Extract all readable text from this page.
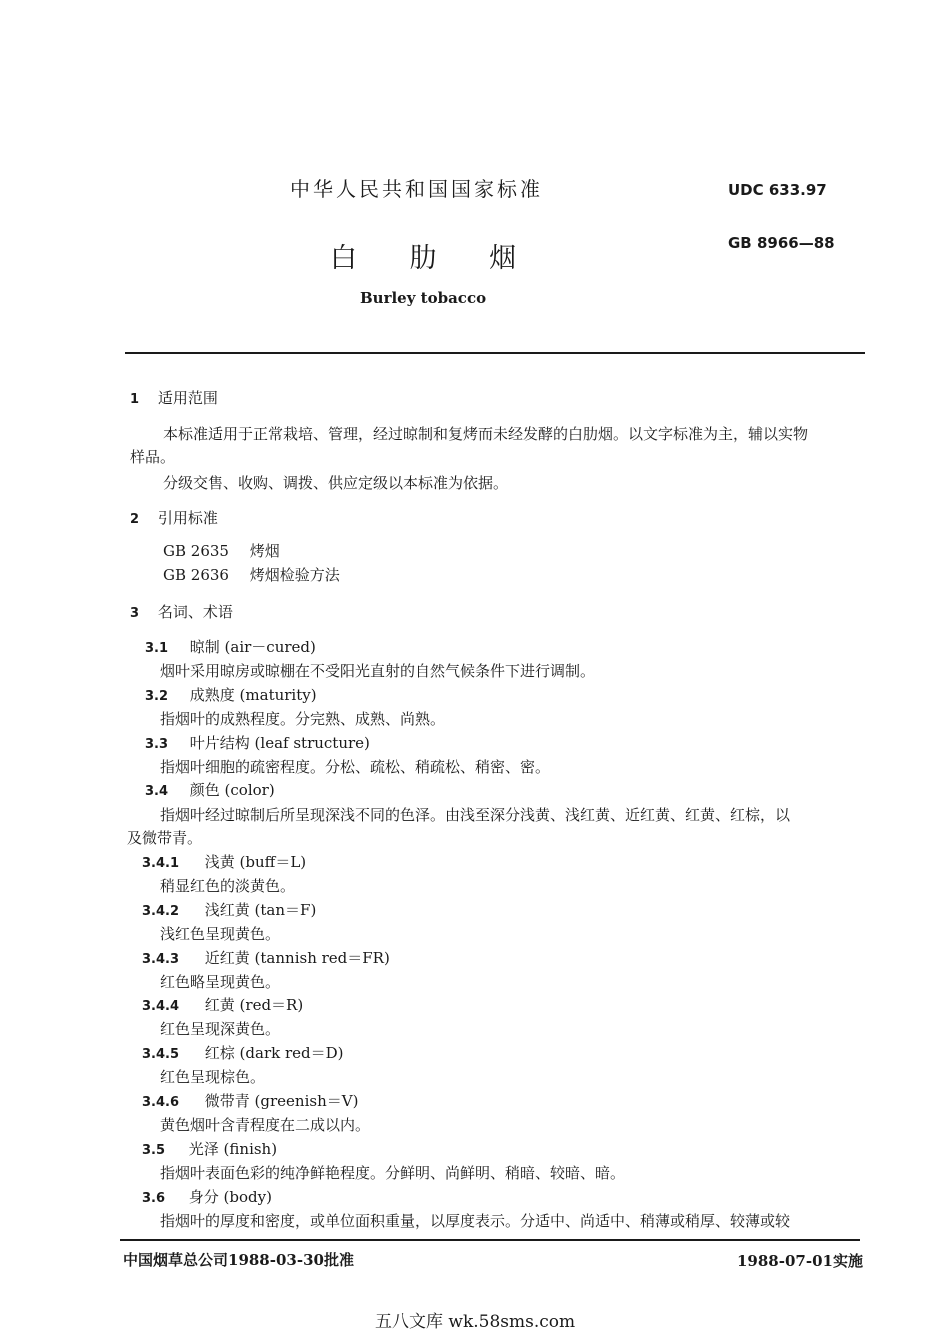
中华人民共和国国家标准	UDC 633.97
GB 8966—88
白 肋 烟
Burley tobacco
1 适用范围
本标准适用于正常栽培、管理，经过晾制和复烤而未经发酵的白肋烟。以文字标准为主，辅以实物
样品。
分级交售、收购、调拨、供应定级以本标准为依据。
2 引用标准
GB 2635 烤烟
GB 2636 烤烟检验方法
3 名词、术语
3.1 晾制 (air－cured)
烟叶采用晾房或晾棚在不受阳光直射的自然气候条件下进行调制。
3.2 成熟度 (maturity)
指烟叶的成熟程度。分完熟、成熟、尚熟。
3.3 叶片结构 (leaf structure)
指烟叶细胞的疏密程度。分松、疏松、稍疏松、稍密、密。
3.4 颜色 (color)
指烟叶经过晾制后所呈现深浅不同的色泽。由浅至深分浅黄、浅红黄、近红黄、红黄、红棕，以
及微带青。
3.4.1 浅黄 (buff＝L)
稍显红色的淡黄色。
3.4.2 浅红黄 (tan＝F)
浅红色呈现黄色。
3.4.3 近红黄 (tannish red＝FR)
红色略呈现黄色。
3.4.4 红黄 (red＝R)
红色呈现深黄色。
3.4.5 红棕 (dark red＝D)
红色呈现棕色。
3.4.6 微带青 (greenish＝V)
黄色烟叶含青程度在二成以内。
3.5 光泽 (finish)
指烟叶表面色彩的纯净鲜艳程度。分鲜明、尚鲜明、稍暗、较暗、暗。
3.6 身分 (body)
指烟叶的厚度和密度，或单位面积重量，以厚度表示。分适中、尚适中、稍薄或稍厚、较薄或较
中国烟草总公司1988-03-30批准	1988-07-01实施
五八文库 wk.58sms.com
